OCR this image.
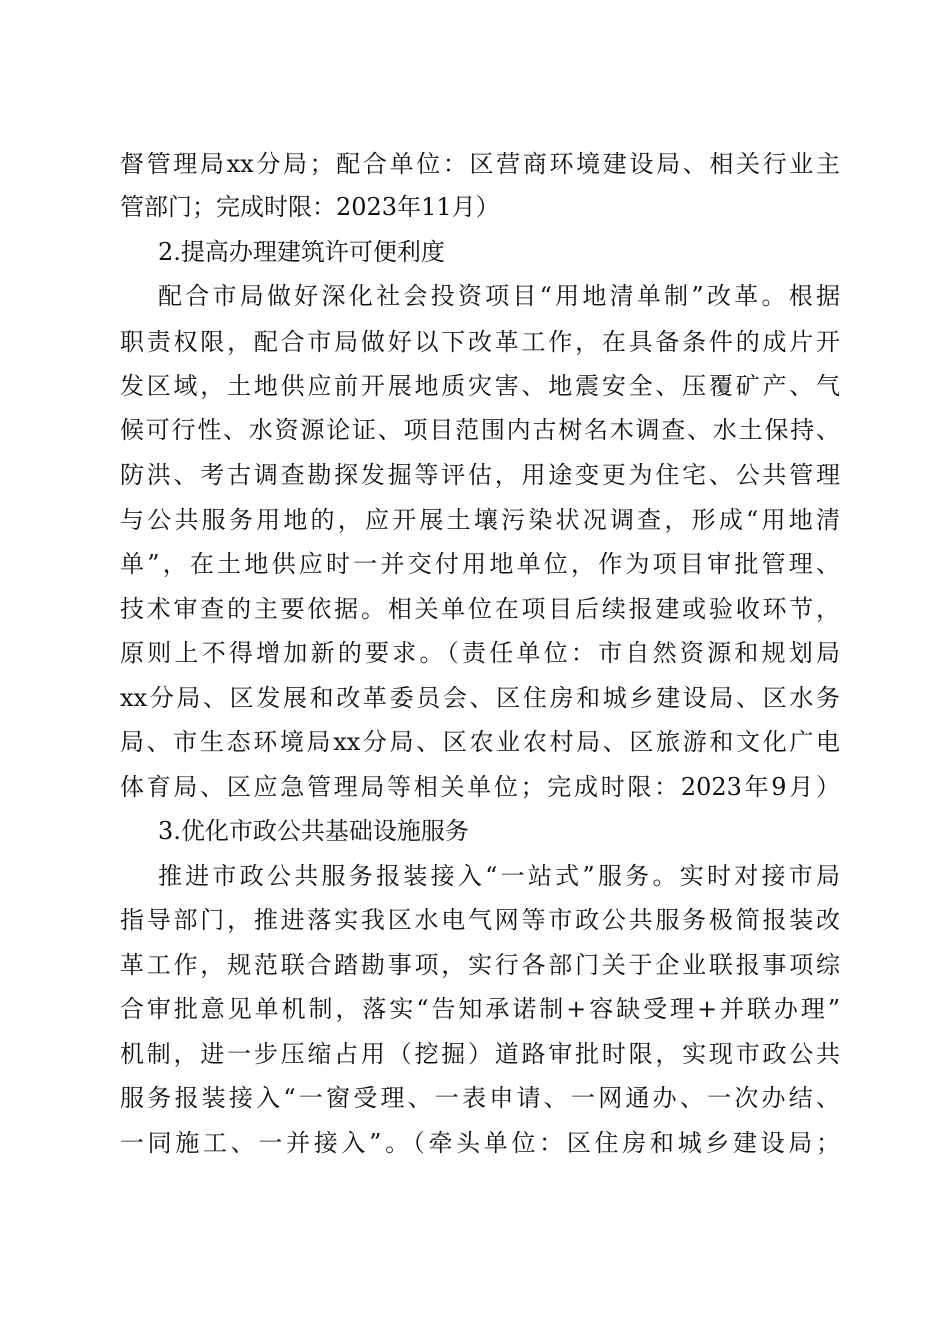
督管理局xx分局；配合单位：区营商环境建设局、相关行业主
管部门；完成时限：2023年11月）
2.提高办理建筑许可便利度
配合市局做好深化社会投资项目“用地清单制”改革。根据
职责权限，配合市局做好以下改革工作，在具备条件的成片开
发区域，土地供应前开展地质灾害、地震安全、压覆矿产、气
候可行性、水资源论证、项目范围内古树名木调查、水土保持、
防洪、考古调查勘探发掘等评估，用途变更为住宅、公共管理
与公共服务用地的，应开展土壤污染状况调查，形成“用地清
单”，在土地供应时一并交付用地单位，作为项目审批管理、
技术审查的主要依据。相关单位在项目后续报建或验收环节，
原则上不得增加新的要求。（责任单位：市自然资源和规划局
xx分局、区发展和改革委员会、区住房和城乡建设局、区水务
局、市生态环境局xx分局、区农业农村局、区旅游和文化广电
体育局、区应急管理局等相关单位；完成时限：2023年9月）
3.优化市政公共基础设施服务
推进市政公共服务报装接入“一站式”服务。实时对接市局
指导部门，推进落实我区水电气网等市政公共服务极简报装改
革工作，规范联合踏勘事项，实行各部门关于企业联报事项综
合审批意见单机制，落实“告知承诺制+容缺受理+并联办理”
机制，进一步压缩占用（挖掘）道路审批时限，实现市政公共
服务报装接入“一窗受理、一表申请、一网通办、一次办结、
一同施工、一并接入”。（牵头单位：区住房和城乡建设局；
